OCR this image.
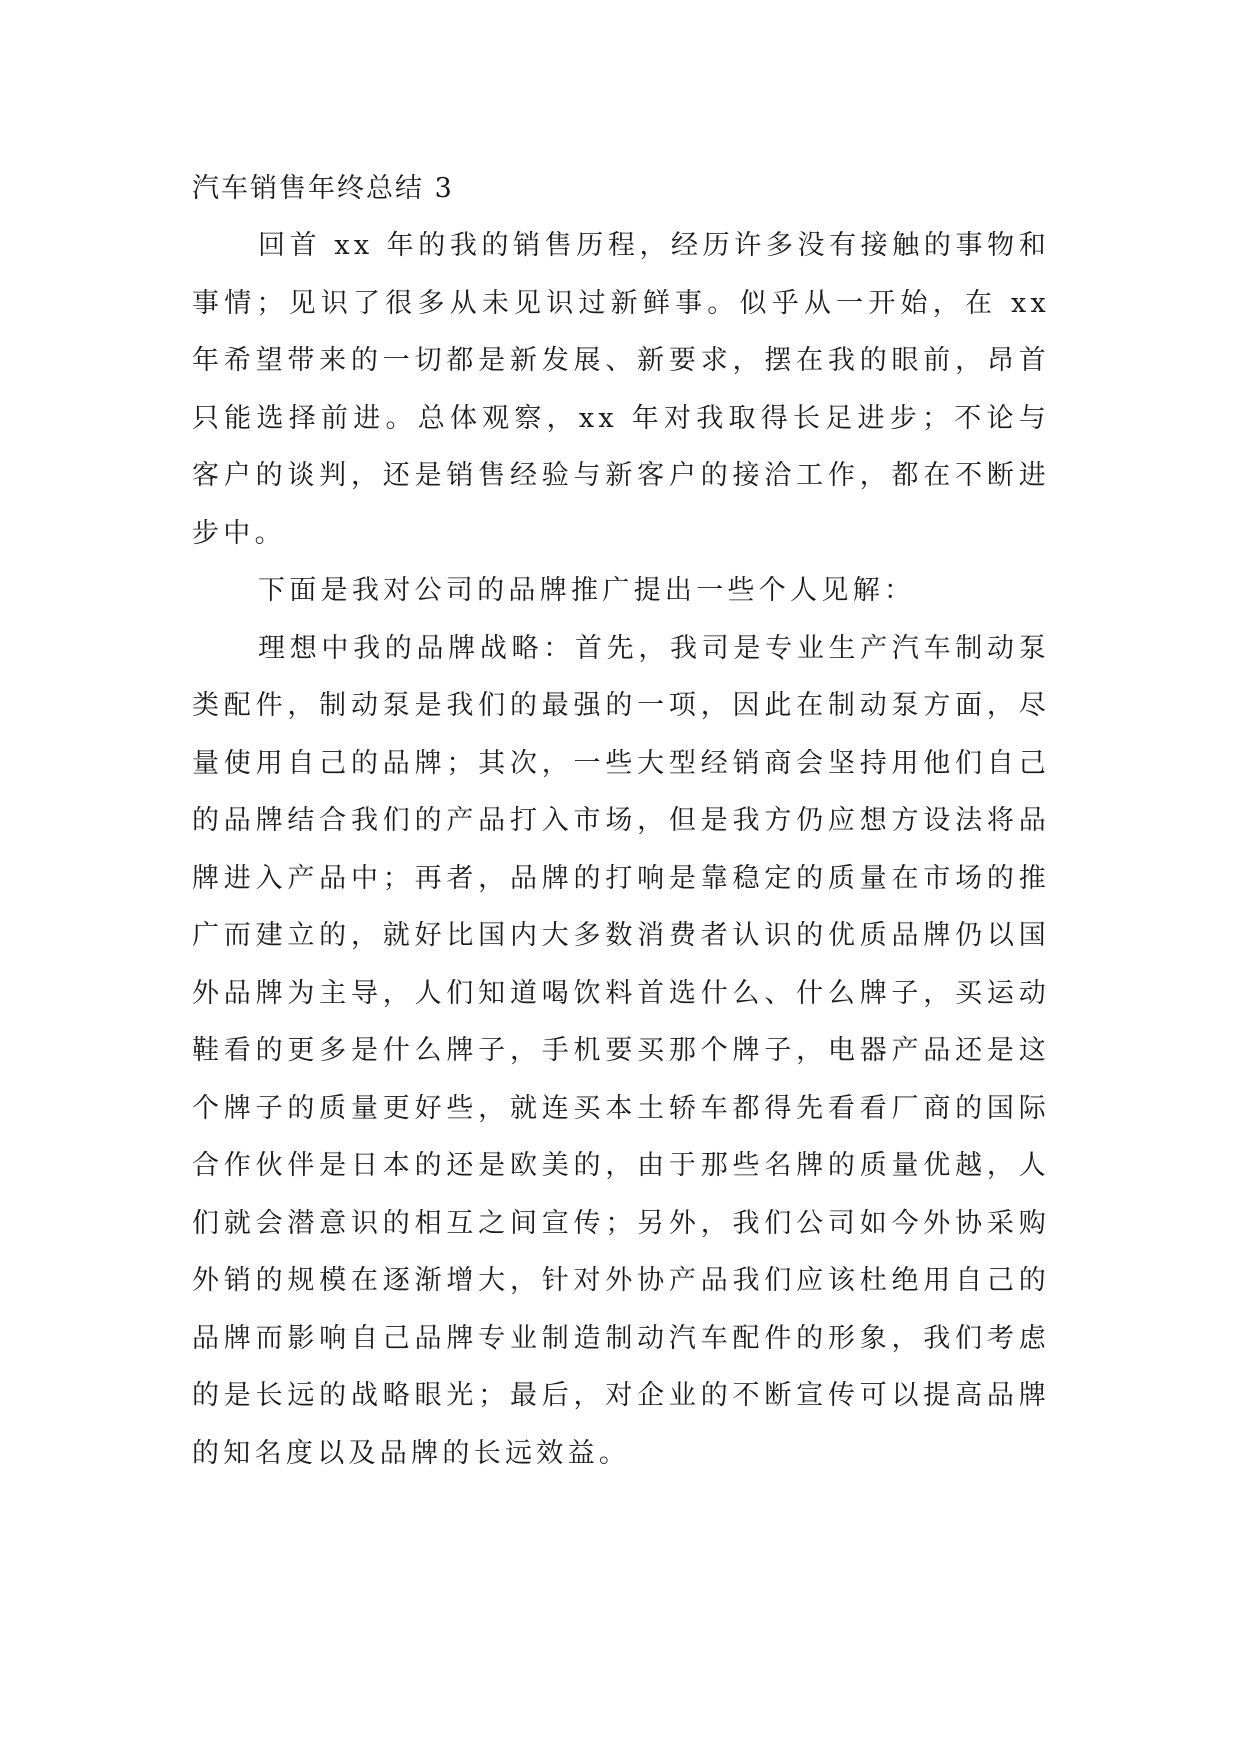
汽车销售年终总结 3

回首 xx 年的我的销售历程，经历许多没有接触的事物和事情；见识了很多从未见识过新鲜事。似乎从一开始，在 xx 年希望带来的一切都是新发展、新要求，摆在我的眼前，昂首只能选择前进。总体观察，xx 年对我取得长足进步；不论与客户的谈判，还是销售经验与新客户的接洽工作，都在不断进步中。

下面是我对公司的品牌推广提出一些个人见解：

理想中我的品牌战略：首先，我司是专业生产汽车制动泵类配件，制动泵是我们的最强的一项，因此在制动泵方面，尽量使用自己的品牌；其次，一些大型经销商会坚持用他们自己的品牌结合我们的产品打入市场，但是我方仍应想方设法将品牌进入产品中；再者，品牌的打响是靠稳定的质量在市场的推广而建立的，就好比国内大多数消费者认识的优质品牌仍以国外品牌为主导，人们知道喝饮料首选什么、什么牌子，买运动鞋看的更多是什么牌子，手机要买那个牌子，电器产品还是这个牌子的质量更好些，就连买本土轿车都得先看看厂商的国际合作伙伴是日本的还是欧美的，由于那些名牌的质量优越，人们就会潜意识的相互之间宣传；另外，我们公司如今外协采购外销的规模在逐渐增大，针对外协产品我们应该杜绝用自己的品牌而影响自己品牌专业制造制动汽车配件的形象，我们考虑的是长远的战略眼光；最后，对企业的不断宣传可以提高品牌的知名度以及品牌的长远效益。
